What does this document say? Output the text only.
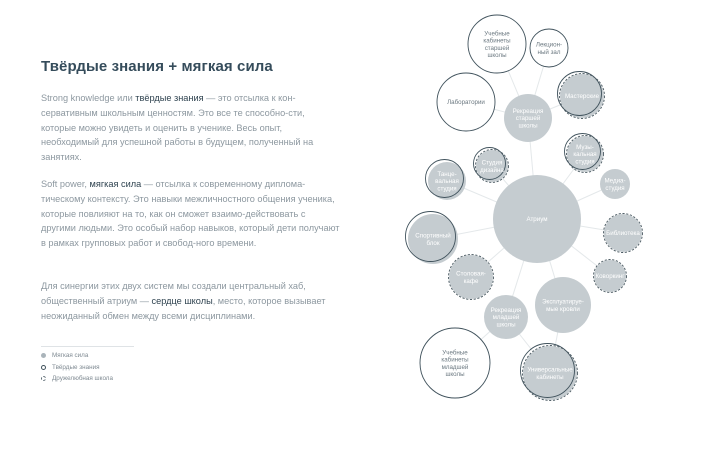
Твёрдые знания + мягкая сила

Strong knowledge или твёрдые знания — это отсылка к кон-сервативным школьным ценностям. Это все те способно-сти, которые можно увидеть и оценить в ученике. Весь опыт, необходимый для успешной работы в будущем, полученный на занятиях.

Soft power, мягкая сила — отсылка к современному диплома-тическому контексту. Это навыки межличностного общения ученика, которые повлияют на то, как он сможет взаимо-действовать с другими людьми. Это особый набор навыков, который дети получают в рамках групповых работ и свобод-ного времени.

Для синергии этих двух систем мы создали центральный хаб, общественный атриум — сердце школы, место, которое вызывает неожиданный обмен между всеми дисциплинами.

Мягкая сила
Твёрдые знания
Дружелюбная школа
Атриум
Учебные кабинеты старшей школы
Лекцион-ный зал
Лаборатории
Рекреация старшей школы
Мастерские
Музы-кальная студия
Студия дизайна
Танце-вальная студия
Медиа-студия
Библиотека
Спортивный блок
Столовая-кафе
Коворкинг
Эксплуатируе-мые кровли
Рекреация младшей школы
Учебные кабинеты младшей школы
Универсальные кабинеты
